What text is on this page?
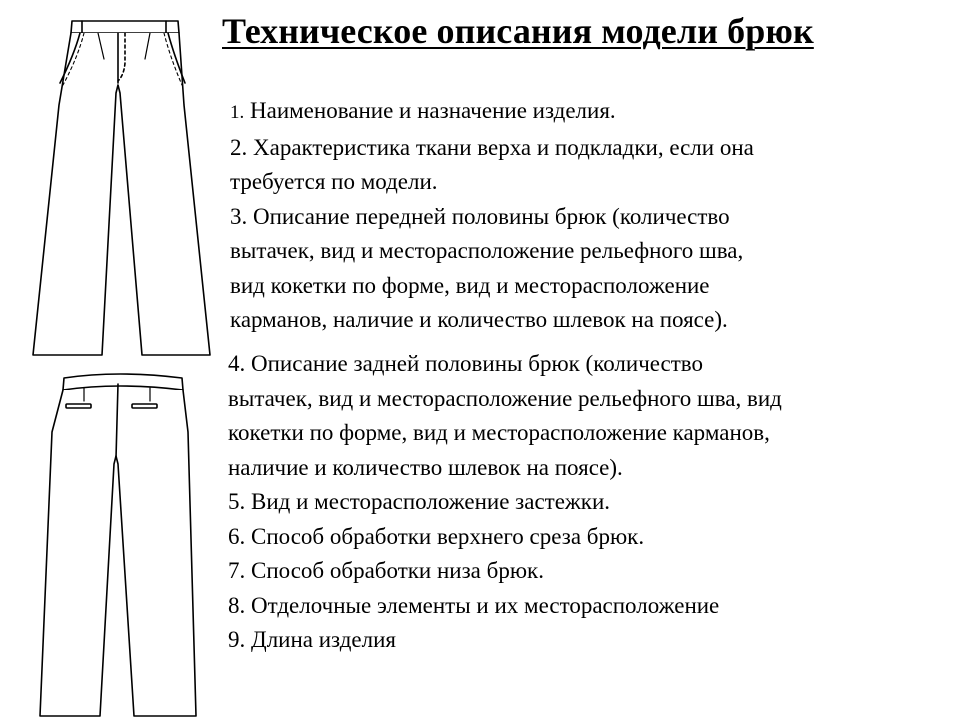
Техническое описания модели брюк
1. Наименование и назначение изделия.
2. Характеристика ткани верха и подкладки, если она
требуется по модели.
3. Описание передней половины брюк (количество
вытачек, вид и месторасположение рельефного шва,
вид кокетки по форме, вид и месторасположение
карманов, наличие и количество шлевок на поясе).
4. Описание задней половины брюк (количество
вытачек, вид и месторасположение рельефного шва, вид
кокетки по форме, вид и месторасположение карманов,
наличие и количество шлевок на поясе).
5. Вид и месторасположение застежки.
6. Способ обработки верхнего среза брюк.
7. Способ обработки низа брюк.
8. Отделочные элементы и их месторасположение
9. Длина изделия
